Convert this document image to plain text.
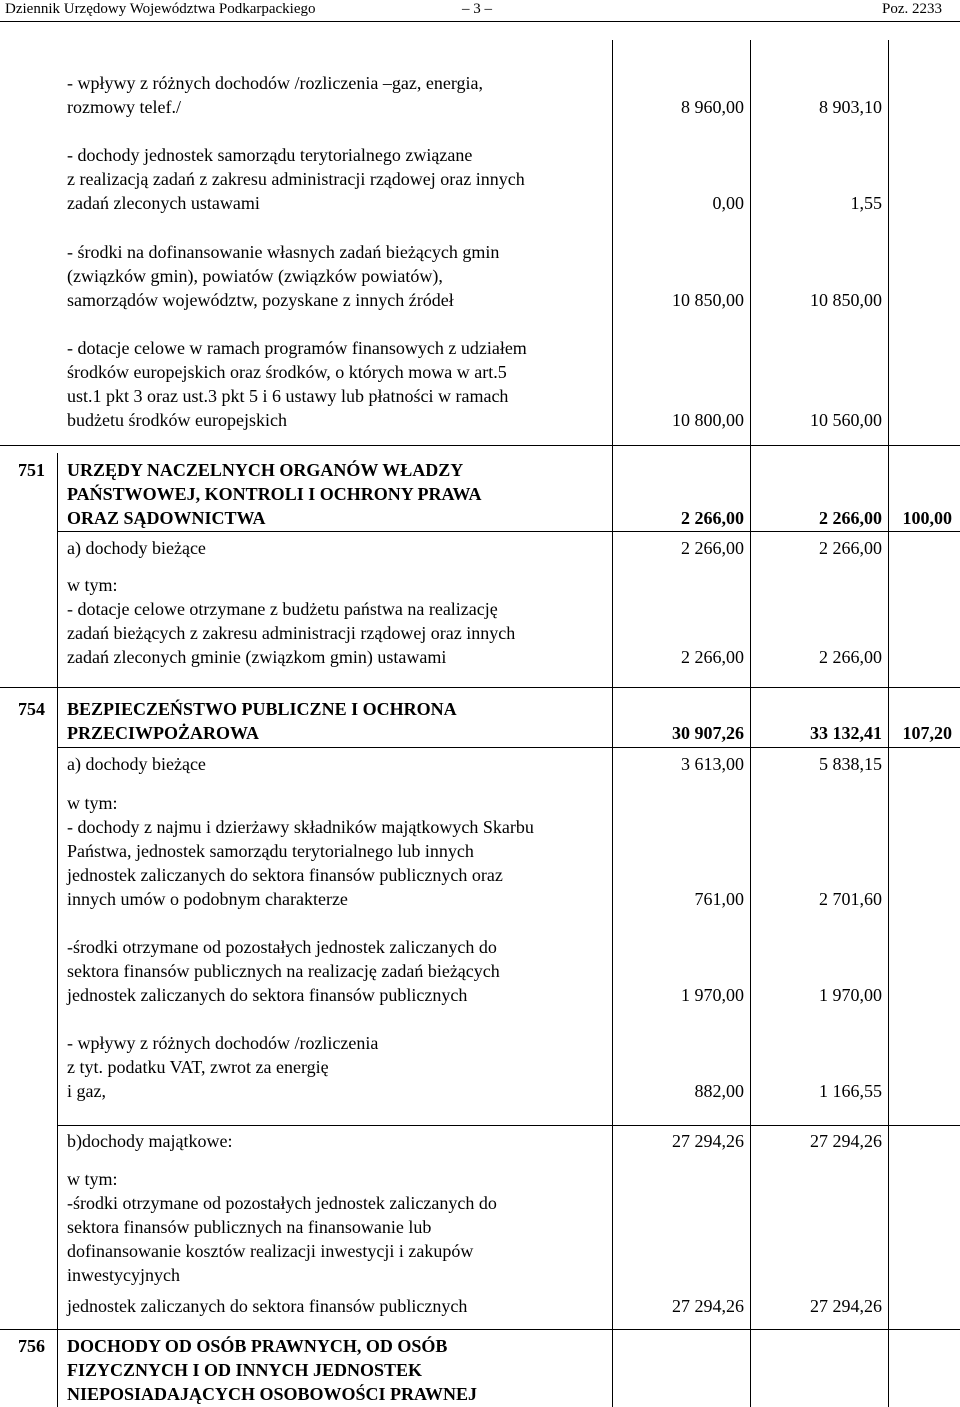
Dziennik Urzędowy Województwa Podkarpackiego	– 3 –	Poz. 2233
- wpływy z różnych dochodów /rozliczenia –gaz, energia,
rozmowy telef./	8 960,00	8 903,10
- dochody jednostek samorządu terytorialnego związane
z realizacją zadań z zakresu administracji rządowej oraz innych
zadań zleconych ustawami	0,00	1,55
- środki na dofinansowanie własnych zadań bieżących gmin
(związków gmin), powiatów (związków powiatów),
samorządów województw, pozyskane z innych źródeł	10 850,00	10 850,00
- dotacje celowe w ramach programów finansowych z udziałem
środków europejskich oraz środków, o których mowa w art.5
ust.1 pkt 3 oraz ust.3 pkt 5 i 6 ustawy lub płatności w ramach
budżetu środków europejskich	10 800,00	10 560,00
751 URZĘDY NACZELNYCH ORGANÓW WŁADZY
PAŃSTWOWEJ, KONTROLI I OCHRONY PRAWA
ORAZ SĄDOWNICTWA	2 266,00	2 266,00 100,00
a) dochody bieżące	2 266,00	2 266,00
w tym:
- dotacje celowe otrzymane z budżetu państwa na realizację
zadań bieżących z zakresu administracji rządowej oraz innych
zadań zleconych gminie (związkom gmin) ustawami	2 266,00	2 266,00
754 BEZPIECZEŃSTWO PUBLICZNE I OCHRONA
PRZECIWPOŻAROWA	30 907,26	33 132,41 107,20
a) dochody bieżące	3 613,00	5 838,15
w tym:
- dochody z najmu i dzierżawy składników majątkowych Skarbu
Państwa, jednostek samorządu terytorialnego lub innych
jednostek zaliczanych do sektora finansów publicznych oraz
innych umów o podobnym charakterze	761,00	2 701,60
-środki otrzymane od pozostałych jednostek zaliczanych do
sektora finansów publicznych na realizację zadań bieżących
jednostek zaliczanych do sektora finansów publicznych	1 970,00	1 970,00
- wpływy z różnych dochodów /rozliczenia
z tyt. podatku VAT, zwrot za energię
i gaz,	882,00	1 166,55
b)dochody majątkowe:	27 294,26	27 294,26
w tym:
-środki otrzymane od pozostałych jednostek zaliczanych do
sektora finansów publicznych na finansowanie lub
dofinansowanie kosztów realizacji inwestycji i zakupów
inwestycyjnych
jednostek zaliczanych do sektora finansów publicznych	27 294,26	27 294,26
756 DOCHODY OD OSÓB PRAWNYCH, OD OSÓB
FIZYCZNYCH I OD INNYCH JEDNOSTEK
NIEPOSIADAJĄCYCH OSOBOWOŚCI PRAWNEJ
